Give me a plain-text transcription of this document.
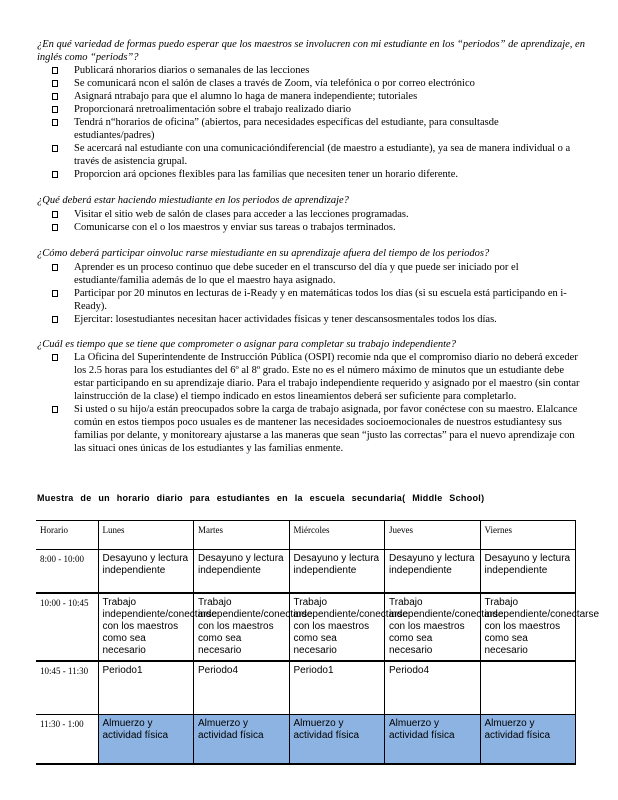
¿En qué variedad de formas puedo esperar que los maestros se involucren con mi estudiante en los “periodos” de aprendizaje, en inglés como “periods”?
Publicará nhorarios diarios o semanales de las lecciones
Se comunicará ncon el salón de clases a través de Zoom, vía telefónica o por correo electrónico
Asignará ntrabajo para que el alumno lo haga de manera independiente; tutoriales
Proporcionará nretroalimentación sobre el trabajo realizado diario
Tendrá n“horarios de oficina” (abiertos, para necesidades específicas del estudiante, para consultasde estudiantes/padres)
Se acercará nal estudiante con una comunicacióndiferencial (de maestro a estudiante), ya sea de manera individual o a través de asistencia grupal.
Proporcion ará opciones flexibles para las familias que necesiten tener un horario diferente.
¿Qué deberá estar haciendo miestudiante en los periodos de aprendizaje?
Visitar el sitio web de salón de clases para acceder a las lecciones programadas.
Comunicarse con el o los maestros y enviar sus tareas o trabajos terminados.
¿Cómo deberá participar oinvoluc rarse miestudiante en su aprendizaje afuera del tiempo de los periodos?
Aprender es un proceso continuo que debe suceder en el transcurso del día y que puede ser iniciado por el estudiante/familia además de lo que el maestro haya asignado.
Participar por 20 minutos en lecturas de i-Ready y en matemáticas todos los días (si su escuela está participando en i-Ready).
Ejercitar: losestudiantes necesitan hacer actividades físicas y tener descansosmentales todos los días.
¿Cuál es tiempo que se tiene que comprometer o asignar para completar su trabajo independiente?
La Oficina del Superintendente de Instrucción Pública (OSPI) recomie nda que el compromiso diario no deberá exceder los 2.5 horas para los estudiantes del 6º al 8º grado. Este no es el número máximo de minutos que un estudiante debe estar participando en su aprendizaje diario. Para el trabajo independiente requerido y asignado por el maestro (sin contar lainstrucción de la clase) el tiempo indicado en estos lineamientos deberá ser suficiente para completarlo.
Si usted o su hijo/a están preocupados sobre la carga de trabajo asignada, por favor conéctese con su maestro. Elalcance común en estos tiempos poco usuales es de mantener las necesidades socioemocionales de nuestros estudiantesy sus familias por delante, y monitoreary ajustarse a las maneras que sean “justo las correctas” para el nuevo aprendizaje con las situaci ones únicas de los estudiantes y las familias enmente.
Muestra de un horario diario para estudiantes en la escuela secundaria( Middle School)
Horario	Lunes	Martes	Miércoles	Jueves	Viernes
8:00 - 10:00	Desayuno y lectura independiente	Desayuno y lectura independiente	Desayuno y lectura independiente	Desayuno y lectura independiente	Desayuno y lectura independiente
10:00 - 10:45	Trabajo independiente/conectarse con los maestros como sea necesario	Trabajo independiente/conectarse con los maestros como sea necesario	Trabajo independiente/conectarse con los maestros como sea necesario	Trabajo independiente/conectarse con los maestros como sea necesario	Trabajo independiente/conectarse con los maestros como sea necesario
10:45 - 11:30	Periodo1	Periodo4	Periodo1	Periodo4	
11:30 - 1:00	Almuerzo y actividad física	Almuerzo y actividad física	Almuerzo y actividad física	Almuerzo y actividad física	Almuerzo y actividad física
